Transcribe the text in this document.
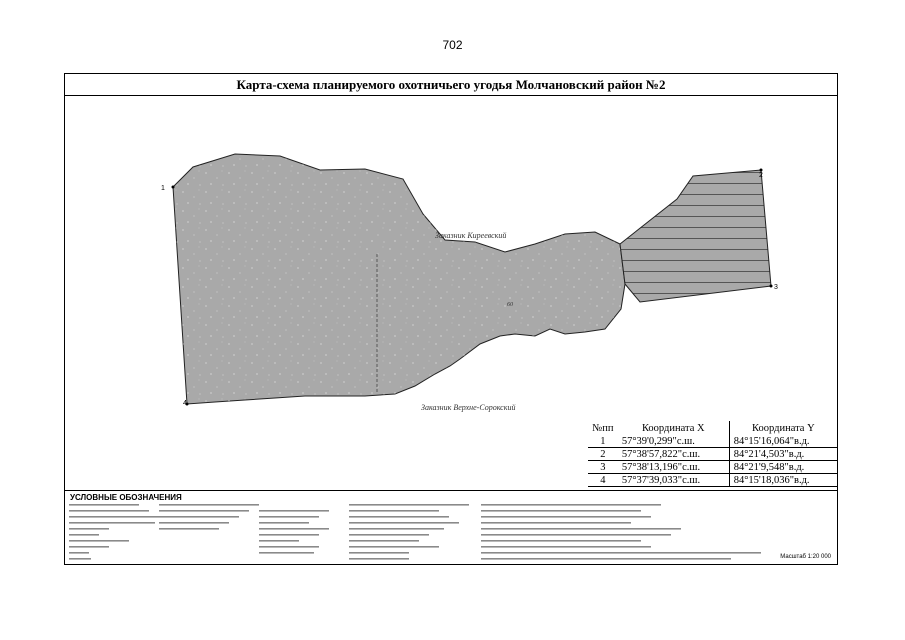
702
Карта-схема планируемого охотничьего угодья Молчановский район №2
1
2
3
4
Заказник Киреевский
Заказник Верхне-Сорокский
60
№пп	Координата X	Координата Y
1	57°39'0,299"с.ш.	84°15'16,064"в.д.
2	57°38'57,822"с.ш.	84°21'4,503"в.д.
3	57°38'13,196"с.ш.	84°21'9,548"в.д.
4	57°37'39,033"с.ш.	84°15'18,036"в.д.
УСЛОВНЫЕ ОБОЗНАЧЕНИЯ
Масштаб 1:20 000
